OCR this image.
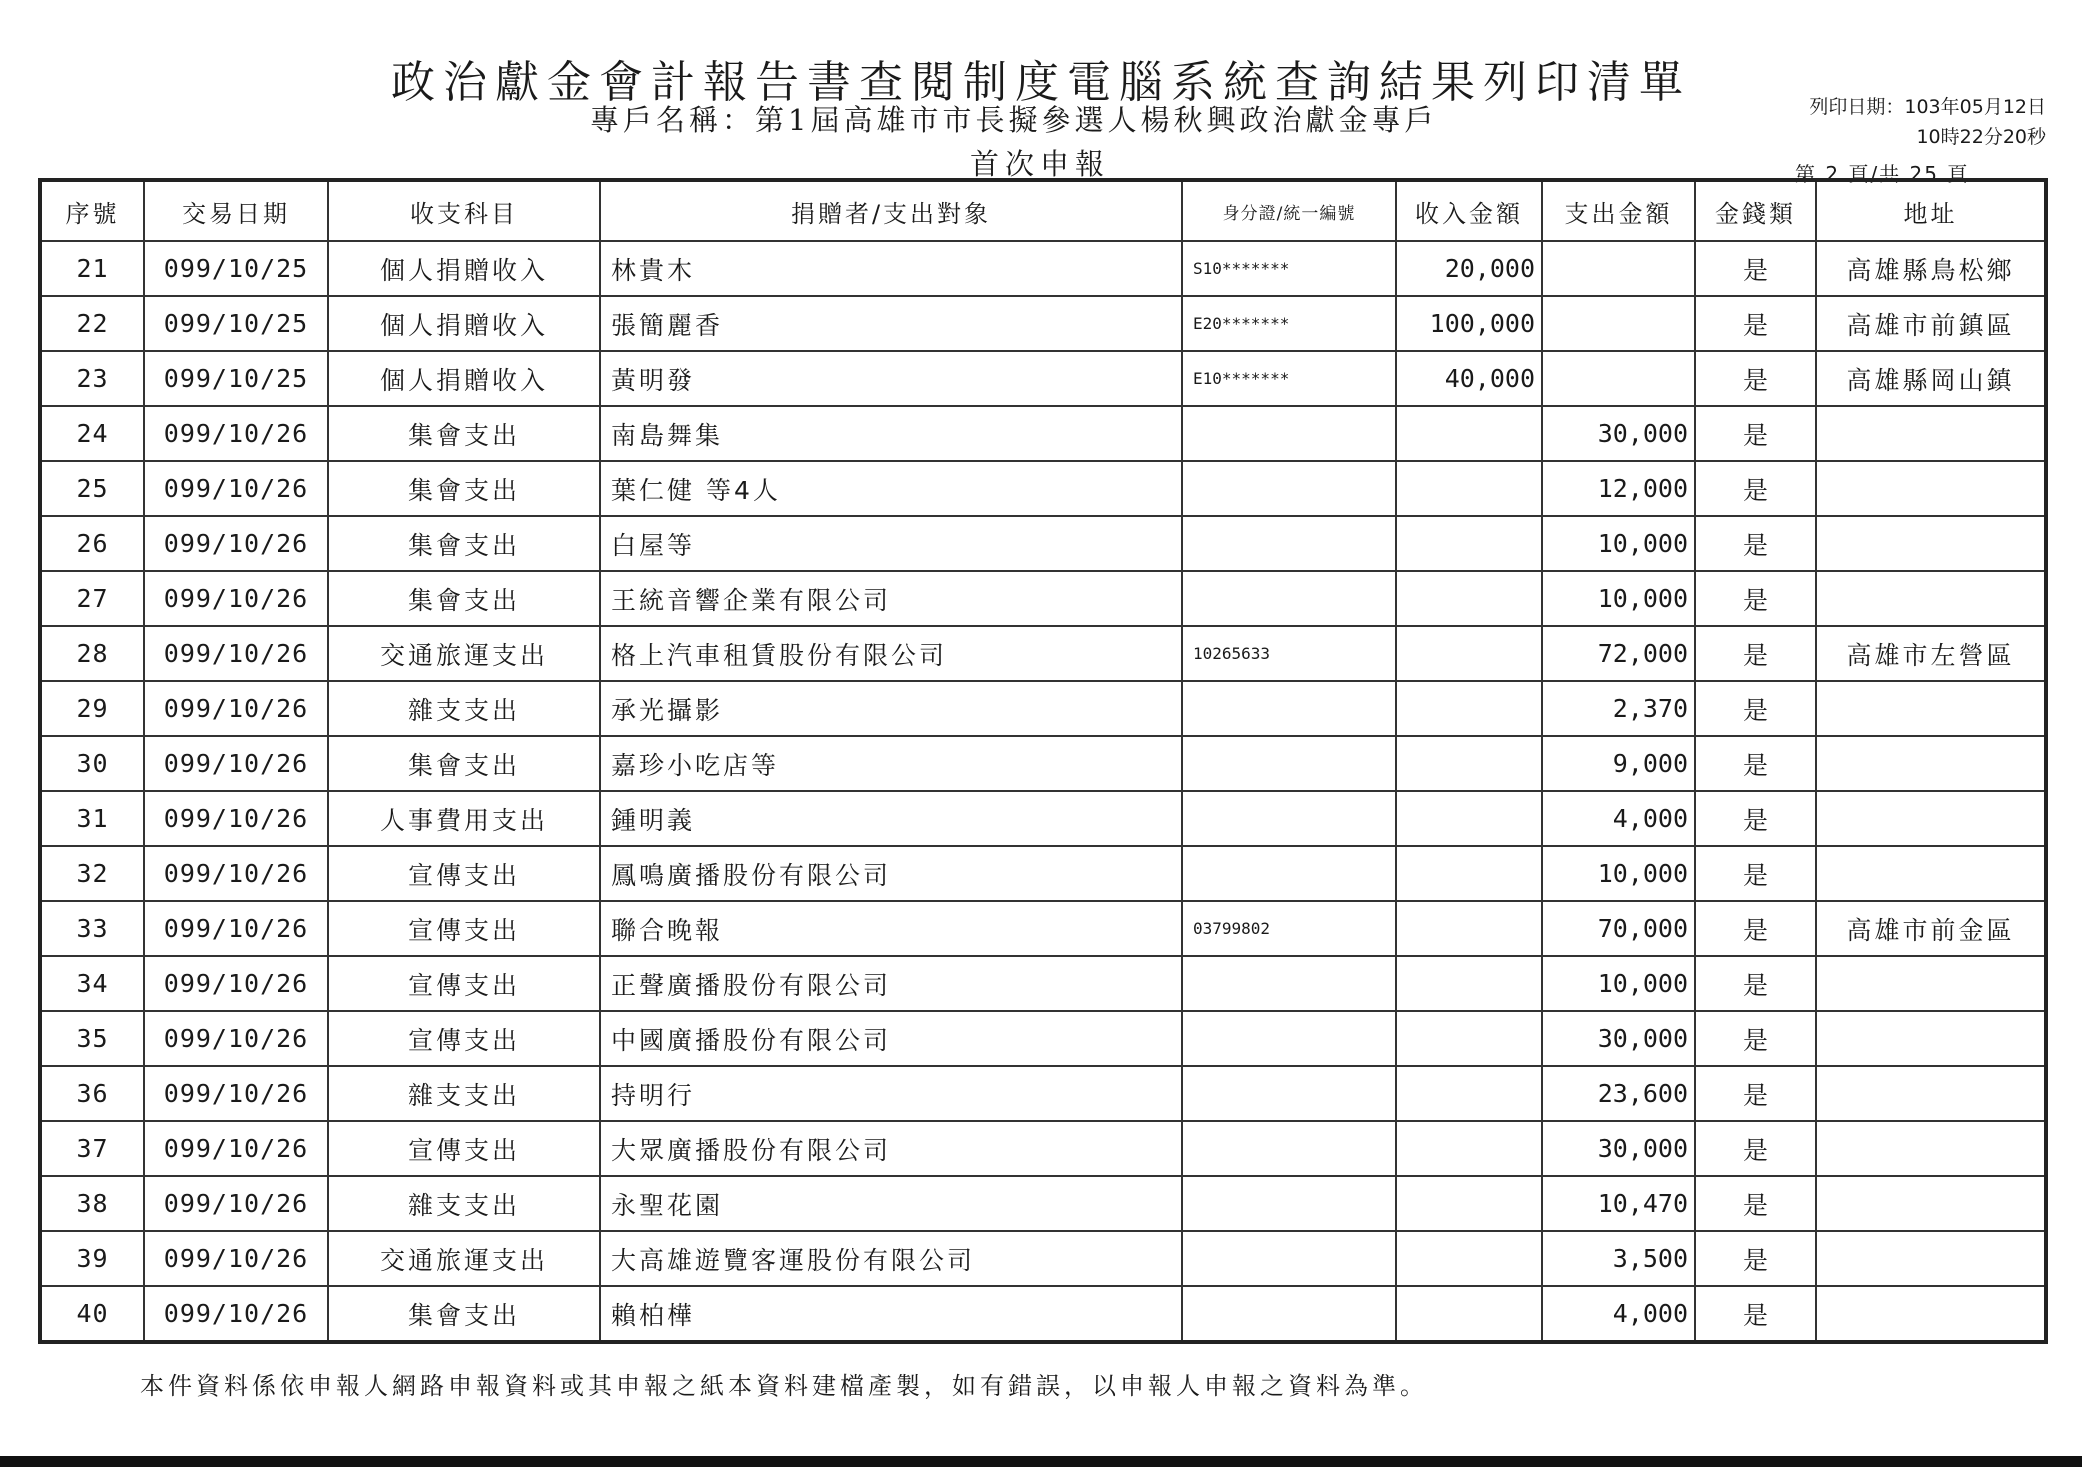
政治獻金會計報告書查閱制度電腦系統查詢結果列印清單
專戶名稱：第1屆高雄市市長擬參選人楊秋興政治獻金專戶
首次申報
列印日期：103年05月12日
10時22分20秒
第 2 頁/共 25 頁
序號	交易日期	收支科目	捐贈者/支出對象	身分證/統一編號	收入金額	支出金額	金錢類	地址
21	099/10/25	個人捐贈收入	林貴木	S10*******	20,000		是	高雄縣鳥松鄉
22	099/10/25	個人捐贈收入	張簡麗香	E20*******	100,000		是	高雄市前鎮區
23	099/10/25	個人捐贈收入	黃明發	E10*******	40,000		是	高雄縣岡山鎮
24	099/10/26	集會支出	南島舞集			30,000	是	
25	099/10/26	集會支出	葉仁健 等4人			12,000	是	
26	099/10/26	集會支出	白屋等			10,000	是	
27	099/10/26	集會支出	王統音響企業有限公司			10,000	是	
28	099/10/26	交通旅運支出	格上汽車租賃股份有限公司	10265633		72,000	是	高雄市左營區
29	099/10/26	雜支支出	承光攝影			2,370	是	
30	099/10/26	集會支出	嘉珍小吃店等			9,000	是	
31	099/10/26	人事費用支出	鍾明義			4,000	是	
32	099/10/26	宣傳支出	鳳鳴廣播股份有限公司			10,000	是	
33	099/10/26	宣傳支出	聯合晚報	03799802		70,000	是	高雄市前金區
34	099/10/26	宣傳支出	正聲廣播股份有限公司			10,000	是	
35	099/10/26	宣傳支出	中國廣播股份有限公司			30,000	是	
36	099/10/26	雜支支出	持明行			23,600	是	
37	099/10/26	宣傳支出	大眾廣播股份有限公司			30,000	是	
38	099/10/26	雜支支出	永聖花園			10,470	是	
39	099/10/26	交通旅運支出	大高雄遊覽客運股份有限公司			3,500	是	
40	099/10/26	集會支出	賴柏樺			4,000	是	
本件資料係依申報人網路申報資料或其申報之紙本資料建檔產製，如有錯誤，以申報人申報之資料為準。
